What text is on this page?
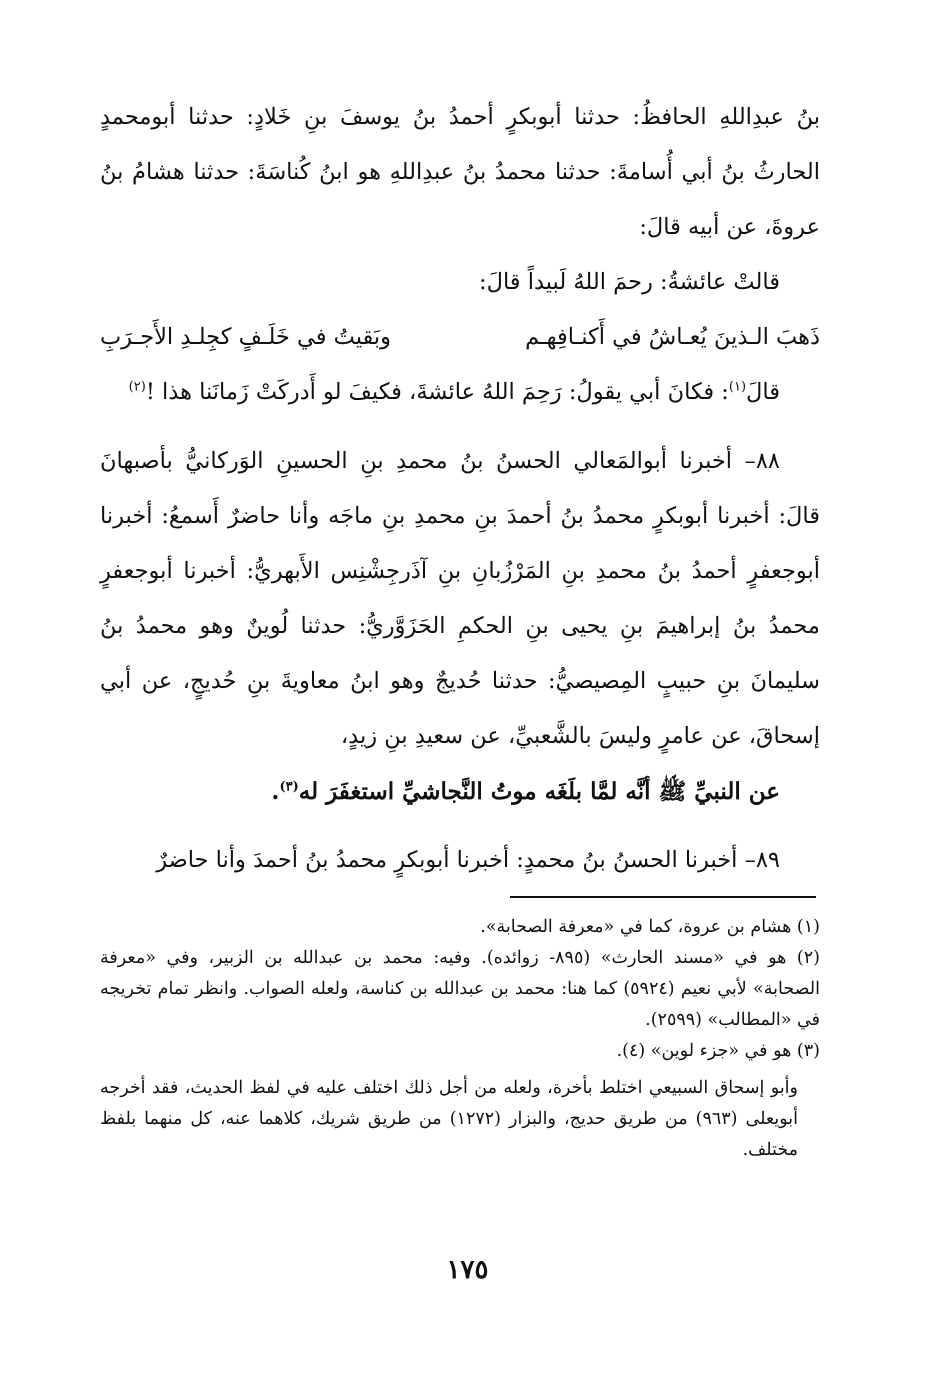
بنُ عبدِاللهِ الحافظُ: حدثنا أبوبكرٍ أحمدُ بنُ يوسفَ بنِ خَلادٍ: حدثنا أبومحمدٍ الحارثُ بنُ أبي أُسامةَ: حدثنا محمدُ بنُ عبدِاللهِ هو ابنُ كُناسَةَ: حدثنا هشامُ بنُ عروةَ، عن أبيه قالَ:

قالتْ عائشةُ: رحمَ اللهُ لَبيداً قالَ:

ذَهبَ الـذينَ يُعـاشُ في أَكنـافِهـم
وبَقيتُ في خَلَـفٍ كجِلـدِ الأَجـرَبِ

قالَ$^{(١)}$: فكانَ أبي يقولُ: رَحِمَ اللهُ عائشةَ، فكيفَ لو أَدركَتْ زَمانَنا هذا !$^{(٢)}$

٨٨– أخبرنا أبوالمَعالي الحسنُ بنُ محمدِ بنِ الحسينِ الوَركانيُّ بأصبهانَ قالَ: أخبرنا أبوبكرٍ محمدُ بنُ أحمدَ بنِ محمدِ بنِ ماجَه وأنا حاضرٌ أَسمعُ: أخبرنا أبوجعفرٍ أحمدُ بنُ محمدِ بنِ المَرْزُبانِ بنِ آذَرجِشْنِس الأَبهريُّ: أخبرنا أبوجعفرٍ محمدُ بنُ إبراهيمَ بنِ يحيى بنِ الحكمِ الحَزَوَّريُّ: حدثنا لُوينٌ وهو محمدُ بنُ سليمانَ بنِ حبيبٍ المِصيصيُّ: حدثنا حُديجٌ وهو ابنُ معاويةَ بنِ حُديجٍ، عن أبي إسحاقَ، عن عامرٍ وليسَ بالشَّعبيِّ، عن سعيدِ بنِ زيدٍ،

عن النبيِّ ﷺ أنَّه لمَّا بلَغَه موتُ النَّجاشيِّ استغفَرَ له$^{(٣)}$.

٨٩– أخبرنا الحسنُ بنُ محمدٍ: أخبرنا أبوبكرٍ محمدُ بنُ أحمدَ وأنا حاضرٌ

(١) هشام بن عروة، كما في «معرفة الصحابة».

(٢) هو في «مسند الحارث» (٨٩٥- زوائده). وفيه: محمد بن عبدالله بن الزبير، وفي «معرفة الصحابة» لأبي نعيم (٥٩٢٤) كما هنا: محمد بن عبدالله بن كناسة، ولعله الصواب. وانظر تمام تخريجه في «المطالب» (٢٥٩٩).

(٣) هو في «جزء لوين» (٤).

وأبو إسحاق السبيعي اختلط بأخرة، ولعله من أجل ذلك اختلف عليه في لفظ الحديث، فقد أخرجه أبويعلى (٩٦٣) من طريق حديج، والبزار (١٢٧٢) من طريق شريك، كلاهما عنه، كل منهما بلفظ مختلف.

١٧٥
